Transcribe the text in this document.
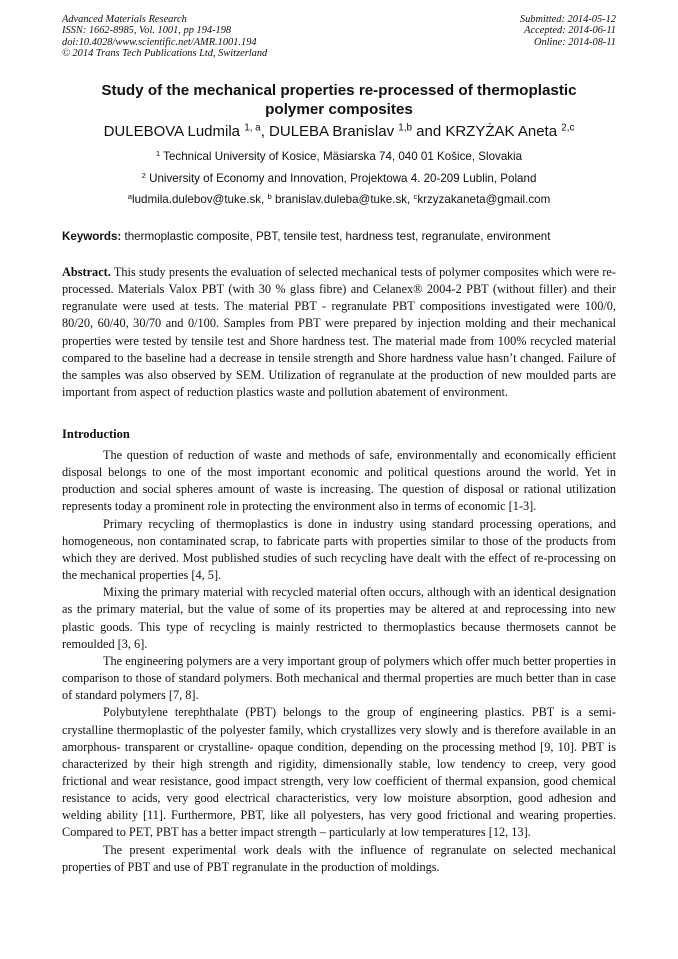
Advanced Materials Research
ISSN: 1662-8985, Vol. 1001, pp 194-198
doi:10.4028/www.scientific.net/AMR.1001.194
© 2014 Trans Tech Publications Ltd, Switzerland
Submitted: 2014-05-12
Accepted: 2014-06-11
Online: 2014-08-11
Study of the mechanical properties re-processed of thermoplastic
polymer composites
DULEBOVA Ludmila $^{1, a}$, DULEBA Branislav $^{1,b}$ and KRZYŻAK Aneta $^{2,c}$
$^1$ Technical University of Kosice, Mäsiarska 74, 040 01 Košice, Slovakia
$^2$ University of Economy and Innovation, Projektowa 4. 20-209 Lublin, Poland
$^a$ludmila.dulebov@tuke.sk, $^b$ branislav.duleba@tuke.sk, $^c$krzyzakaneta@gmail.com
Keywords: thermoplastic composite, PBT, tensile test, hardness test, regranulate, environment

Abstract. This study presents the evaluation of selected mechanical tests of polymer composites which were re-processed. Materials Valox PBT (with 30 % glass fibre) and Celanex® 2004-2 PBT (without filler) and their regranulate were used at tests. The material PBT - regranulate PBT compositions investigated were 100/0, 80/20, 60/40, 30/70 and 0/100. Samples from PBT were prepared by injection molding and their mechanical properties were tested by tensile test and Shore hardness test. The material made from 100% recycled material compared to the baseline had a decrease in tensile strength and Shore hardness value hasn’t changed. Failure of the samples was also observed by SEM. Utilization of regranulate at the production of new moulded parts are important from aspect of reduction plastics waste and pollution abatement of environment.

Introduction

The question of reduction of waste and methods of safe, environmentally and economically efficient disposal belongs to one of the most important economic and political questions around the world. Yet in production and social spheres amount of waste is increasing. The question of disposal or rational utilization represents today a prominent role in protecting the environment also in terms of economic [1-3].

Primary recycling of thermoplastics is done in industry using standard processing operations, and homogeneous, non contaminated scrap, to fabricate parts with properties similar to those of the products from which they are derived. Most published studies of such recycling have dealt with the effect of re-processing on the mechanical properties [4, 5].

Mixing the primary material with recycled material often occurs, although with an identical designation as the primary material, but the value of some of its properties may be altered at and reprocessing into new plastic goods. This type of recycling is mainly restricted to thermoplastics because thermosets cannot be remoulded [3, 6].

The engineering polymers are a very important group of polymers which offer much better properties in comparison to those of standard polymers. Both mechanical and thermal properties are much better than in case of standard polymers [7, 8].

Polybutylene terephthalate (PBT) belongs to the group of engineering plastics. PBT is a semi-crystalline thermoplastic of the polyester family, which crystallizes very slowly and is therefore available in an amorphous- transparent or crystalline- opaque condition, depending on the processing method [9, 10]. PBT is characterized by their high strength and rigidity, dimensionally stable, low tendency to creep, very good frictional and wear resistance, good impact strength, very low coefficient of thermal expansion, good chemical resistance to acids, very good electrical characteristics, very low moisture absorption, good adhesion and welding ability [11]. Furthermore, PBT, like all polyesters, has very good frictional and wearing properties. Compared to PET, PBT has a better impact strength – particularly at low temperatures [12, 13].

The present experimental work deals with the influence of regranulate on selected mechanical properties of PBT and use of PBT regranulate in the production of moldings.
